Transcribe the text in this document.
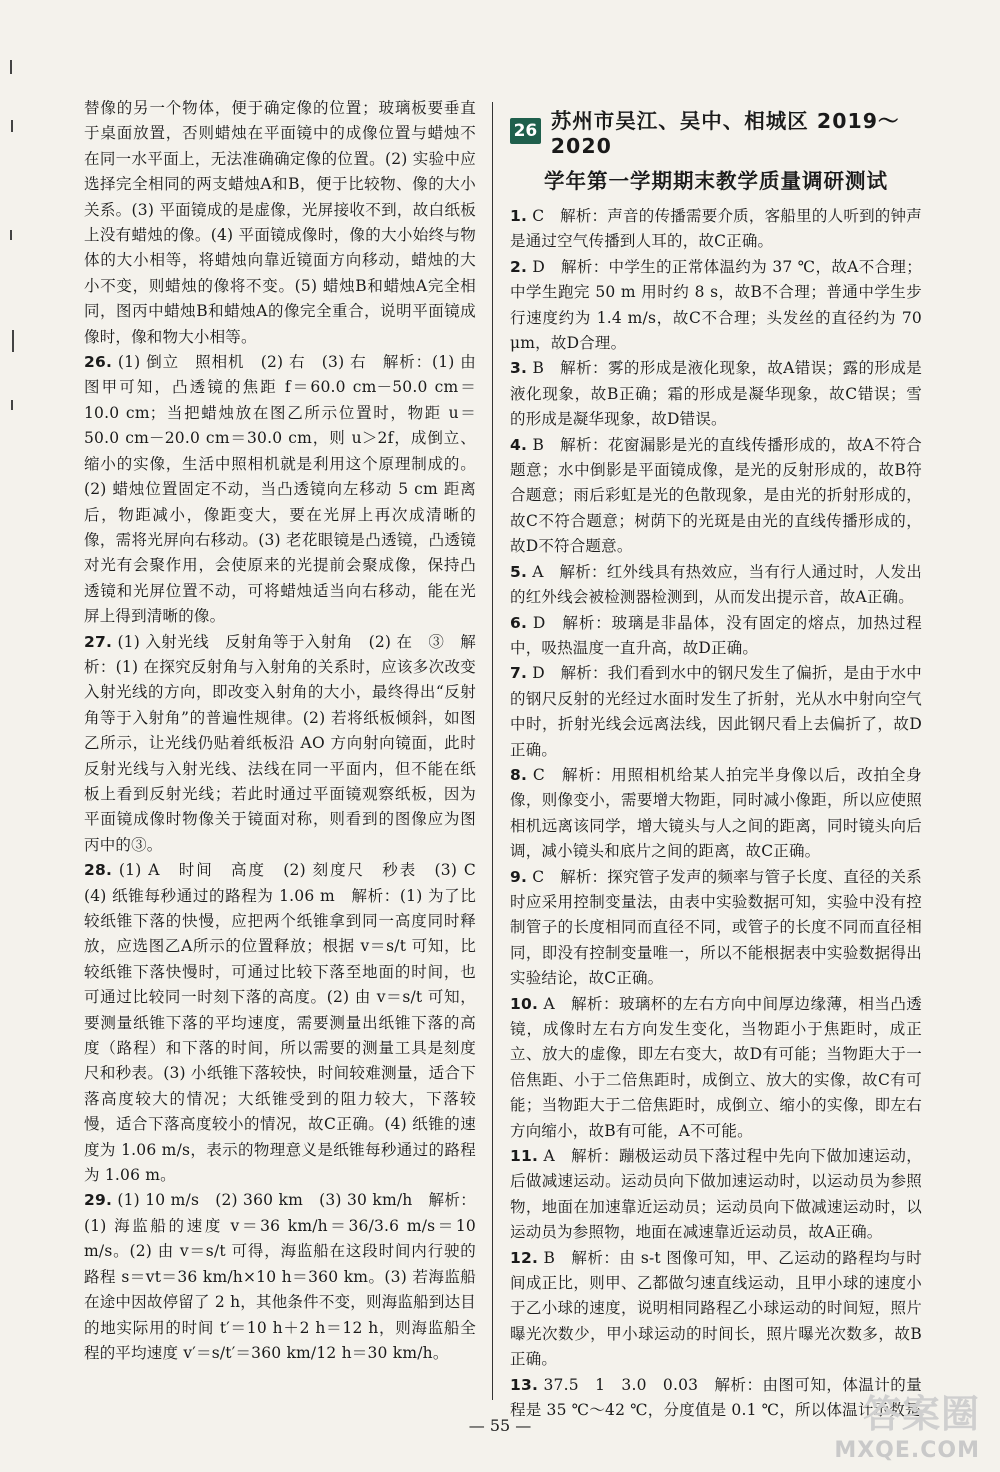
替像的另一个物体，便于确定像的位置；玻璃板要垂直于桌面放置，否则蜡烛在平面镜中的成像位置与蜡烛不在同一水平面上，无法准确确定像的位置。(2) 实验中应选择完全相同的两支蜡烛A和B，便于比较物、像的大小关系。(3) 平面镜成的是虚像，光屏接收不到，故白纸板上没有蜡烛的像。(4) 平面镜成像时，像的大小始终与物体的大小相等，将蜡烛向靠近镜面方向移动，蜡烛的大小不变，则蜡烛的像将不变。(5) 蜡烛B和蜡烛A完全相同，图丙中蜡烛B和蜡烛A的像完全重合，说明平面镜成像时，像和物大小相等。

26. (1) 倒立　照相机　(2) 右　(3) 右　解析：(1) 由图甲可知，凸透镜的焦距 f＝60.0 cm－50.0 cm＝10.0 cm；当把蜡烛放在图乙所示位置时，物距 u＝50.0 cm－20.0 cm＝30.0 cm，则 u＞2f，成倒立、缩小的实像，生活中照相机就是利用这个原理制成的。(2) 蜡烛位置固定不动，当凸透镜向左移动 5 cm 距离后，物距减小，像距变大，要在光屏上再次成清晰的像，需将光屏向右移动。(3) 老花眼镜是凸透镜，凸透镜对光有会聚作用，会使原来的光提前会聚成像，保持凸透镜和光屏位置不动，可将蜡烛适当向右移动，能在光屏上得到清晰的像。

27. (1) 入射光线　反射角等于入射角　(2) 在　③　解析：(1) 在探究反射角与入射角的关系时，应该多次改变入射光线的方向，即改变入射角的大小，最终得出“反射角等于入射角”的普遍性规律。(2) 若将纸板倾斜，如图乙所示，让光线仍贴着纸板沿 AO 方向射向镜面，此时反射光线与入射光线、法线在同一平面内，但不能在纸板上看到反射光线；若此时通过平面镜观察纸板，因为平面镜成像时物像关于镜面对称，则看到的图像应为图丙中的③。

28. (1) A　时间　高度　(2) 刻度尺　秒表　(3) C　(4) 纸锥每秒通过的路程为 1.06 m　解析：(1) 为了比较纸锥下落的快慢，应把两个纸锥拿到同一高度同时释放，应选图乙A所示的位置释放；根据 v＝s/t 可知，比较纸锥下落快慢时，可通过比较下落至地面的时间，也可通过比较同一时刻下落的高度。(2) 由 v＝s/t 可知，要测量纸锥下落的平均速度，需要测量出纸锥下落的高度（路程）和下落的时间，所以需要的测量工具是刻度尺和秒表。(3) 小纸锥下落较快，时间较难测量，适合下落高度较大的情况；大纸锥受到的阻力较大，下落较慢，适合下落高度较小的情况，故C正确。(4) 纸锥的速度为 1.06 m/s，表示的物理意义是纸锥每秒通过的路程为 1.06 m。

29. (1) 10 m/s　(2) 360 km　(3) 30 km/h　解析：(1) 海监船的速度 v＝36 km/h＝36/3.6 m/s＝10 m/s。(2) 由 v＝s/t 可得，海监船在这段时间内行驶的路程 s＝vt＝36 km/h×10 h＝360 km。(3) 若海监船在途中因故停留了 2 h，其他条件不变，则海监船到达目的地实际用的时间 t′＝10 h＋2 h＝12 h，则海监船全程的平均速度 v′＝s/t′＝360 km/12 h＝30 km/h。

26 苏州市吴江、吴中、相城区 2019～2020
学年第一学期期末教学质量调研测试

1. C　解析：声音的传播需要介质，客船里的人听到的钟声是通过空气传播到人耳的，故C正确。

2. D　解析：中学生的正常体温约为 37 ℃，故A不合理；中学生跑完 50 m 用时约 8 s，故B不合理；普通中学生步行速度约为 1.4 m/s，故C不合理；头发丝的直径约为 70 μm，故D合理。

3. B　解析：雾的形成是液化现象，故A错误；露的形成是液化现象，故B正确；霜的形成是凝华现象，故C错误；雪的形成是凝华现象，故D错误。

4. B　解析：花窗漏影是光的直线传播形成的，故A不符合题意；水中倒影是平面镜成像，是光的反射形成的，故B符合题意；雨后彩虹是光的色散现象，是由光的折射形成的，故C不符合题意；树荫下的光斑是由光的直线传播形成的，故D不符合题意。

5. A　解析：红外线具有热效应，当有行人通过时，人发出的红外线会被检测器检测到，从而发出提示音，故A正确。

6. D　解析：玻璃是非晶体，没有固定的熔点，加热过程中，吸热温度一直升高，故D正确。

7. D　解析：我们看到水中的钢尺发生了偏折，是由于水中的钢尺反射的光经过水面时发生了折射，光从水中射向空气中时，折射光线会远离法线，因此钢尺看上去偏折了，故D正确。

8. C　解析：用照相机给某人拍完半身像以后，改拍全身像，则像变小，需要增大物距，同时减小像距，所以应使照相机远离该同学，增大镜头与人之间的距离，同时镜头向后调，减小镜头和底片之间的距离，故C正确。

9. C　解析：探究管子发声的频率与管子长度、直径的关系时应采用控制变量法，由表中实验数据可知，实验中没有控制管子的长度相同而直径不同，或管子的长度不同而直径相同，即没有控制变量唯一，所以不能根据表中实验数据得出实验结论，故C正确。

10. A　解析：玻璃杯的左右方向中间厚边缘薄，相当凸透镜，成像时左右方向发生变化，当物距小于焦距时，成正立、放大的虚像，即左右变大，故D有可能；当物距大于一倍焦距、小于二倍焦距时，成倒立、放大的实像，故C有可能；当物距大于二倍焦距时，成倒立、缩小的实像，即左右方向缩小，故B有可能，A不可能。

11. A　解析：蹦极运动员下落过程中先向下做加速运动，后做减速运动。运动员向下做加速运动时，以运动员为参照物，地面在加速靠近运动员；运动员向下做减速运动时，以运动员为参照物，地面在减速靠近运动员，故A正确。

12. B　解析：由 s-t 图像可知，甲、乙运动的路程均与时间成正比，则甲、乙都做匀速直线运动，且甲小球的速度小于乙小球的速度，说明相同路程乙小球运动的时间短，照片曝光次数少，甲小球运动的时间长，照片曝光次数多，故B正确。

13. 37.5　1　3.0　0.03　解析：由图可知，体温计的量程是 35 ℃～42 ℃，分度值是 0.1 ℃，所以体温计示数是

— 55 —	答案圈
MXQE.COM
